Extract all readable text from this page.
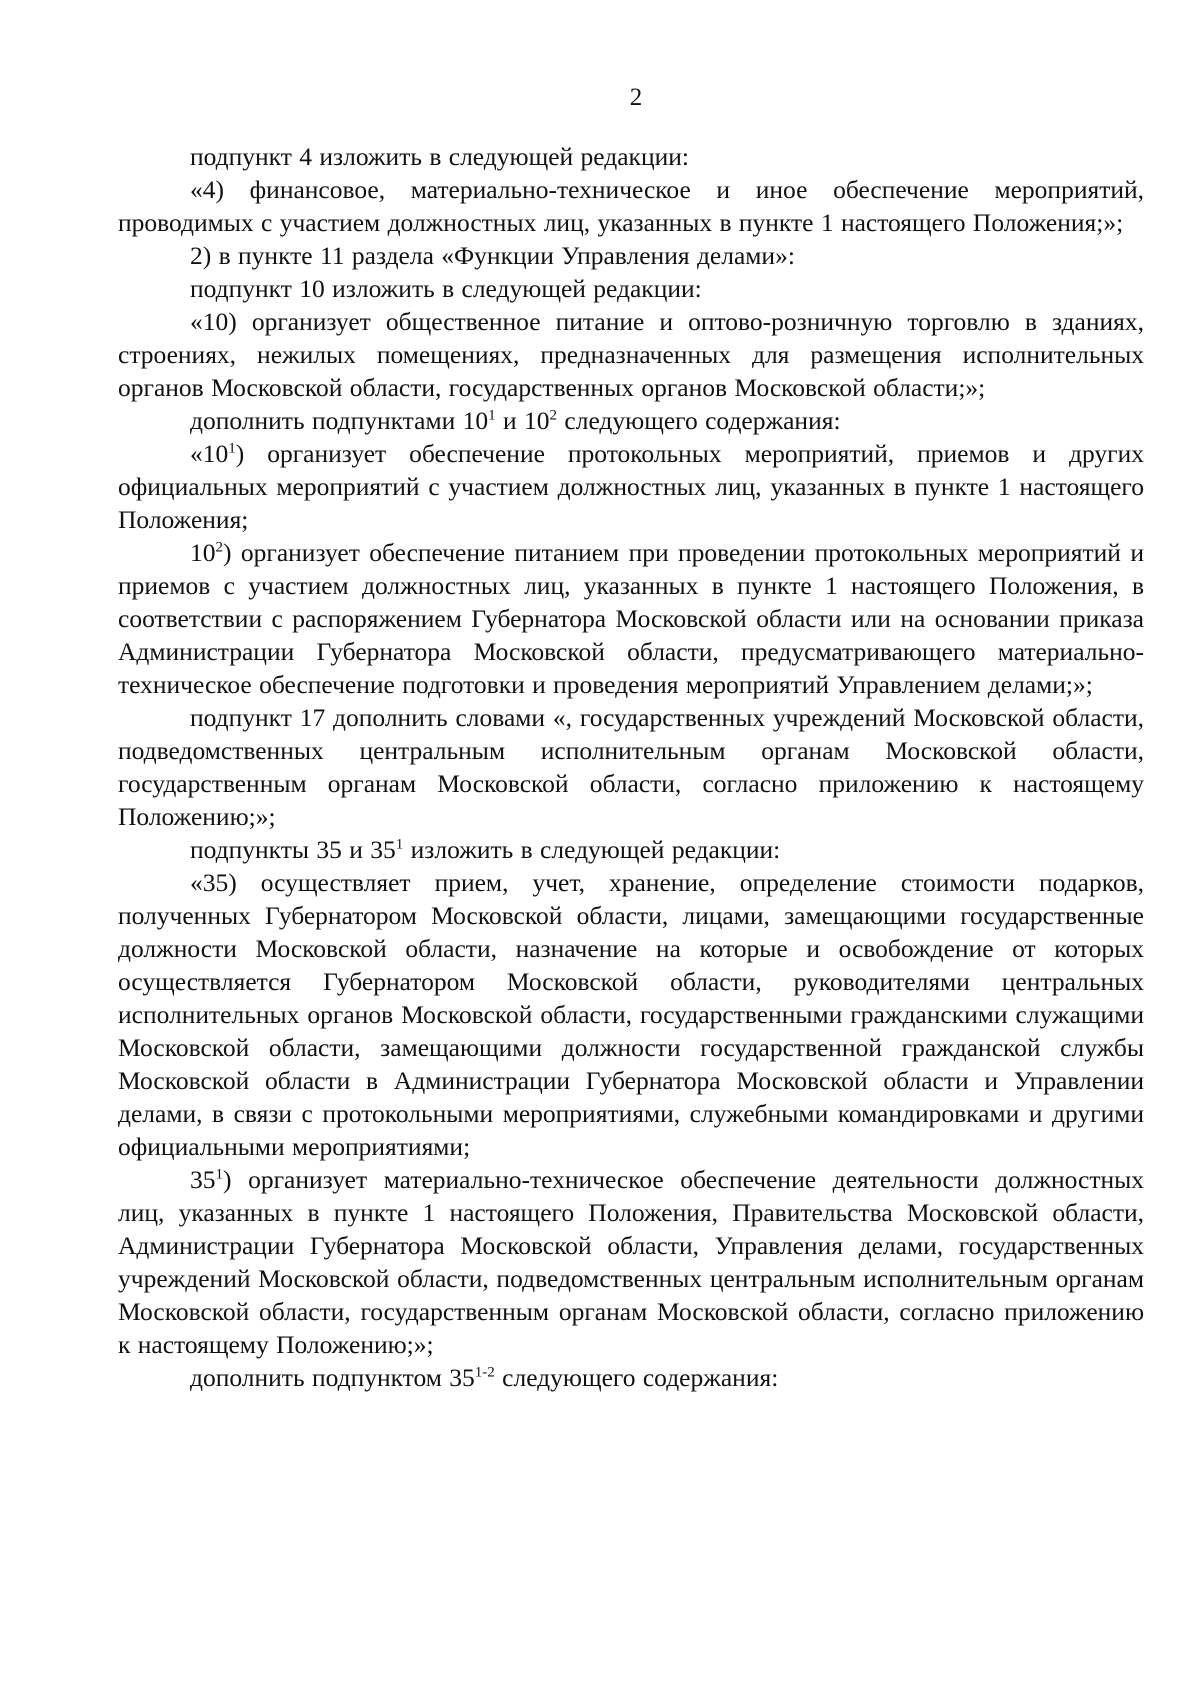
2

подпункт 4 изложить в следующей редакции:

«4) финансовое, материально-техническое и иное обеспечение мероприятий, проводимых с участием должностных лиц, указанных в пункте 1 настоящего Положения;»;

2) в пункте 11 раздела «Функции Управления делами»:

подпункт 10 изложить в следующей редакции:

«10) организует общественное питание и оптово-розничную торговлю в зданиях, строениях, нежилых помещениях, предназначенных для размещения исполнительных органов Московской области, государственных органов Московской области;»;

дополнить подпунктами $10^1$ и $10^2$ следующего содержания:

«$10^1$) организует обеспечение протокольных мероприятий, приемов и других официальных мероприятий с участием должностных лиц, указанных в пункте 1 настоящего Положения;

$10^2$) организует обеспечение питанием при проведении протокольных мероприятий и приемов с участием должностных лиц, указанных в пункте 1 настоящего Положения, в соответствии с распоряжением Губернатора Московской области или на основании приказа Администрации Губернатора Московской области, предусматривающего материально-техническое обеспечение подготовки и проведения мероприятий Управлением делами;»;

подпункт 17 дополнить словами «, государственных учреждений Московской области, подведомственных центральным исполнительным органам Московской области, государственным органам Московской области, согласно приложению к настоящему Положению;»;

подпункты 35 и $35^1$ изложить в следующей редакции:

«35) осуществляет прием, учет, хранение, определение стоимости подарков, полученных Губернатором Московской области, лицами, замещающими государственные должности Московской области, назначение на которые и освобождение от которых осуществляется Губернатором Московской области, руководителями центральных исполнительных органов Московской области, государственными гражданскими служащими Московской области, замещающими должности государственной гражданской службы Московской области в Администрации Губернатора Московской области и Управлении делами, в связи с протокольными мероприятиями, служебными командировками и другими официальными мероприятиями;

$35^1$) организует материально-техническое обеспечение деятельности должностных лиц, указанных в пункте 1 настоящего Положения, Правительства Московской области, Администрации Губернатора Московской области, Управления делами, государственных учреждений Московской области, подведомственных центральным исполнительным органам Московской области, государственным органам Московской области, согласно приложению к настоящему Положению;»;

дополнить подпунктом 35$^{1-2}$ следующего содержания:
